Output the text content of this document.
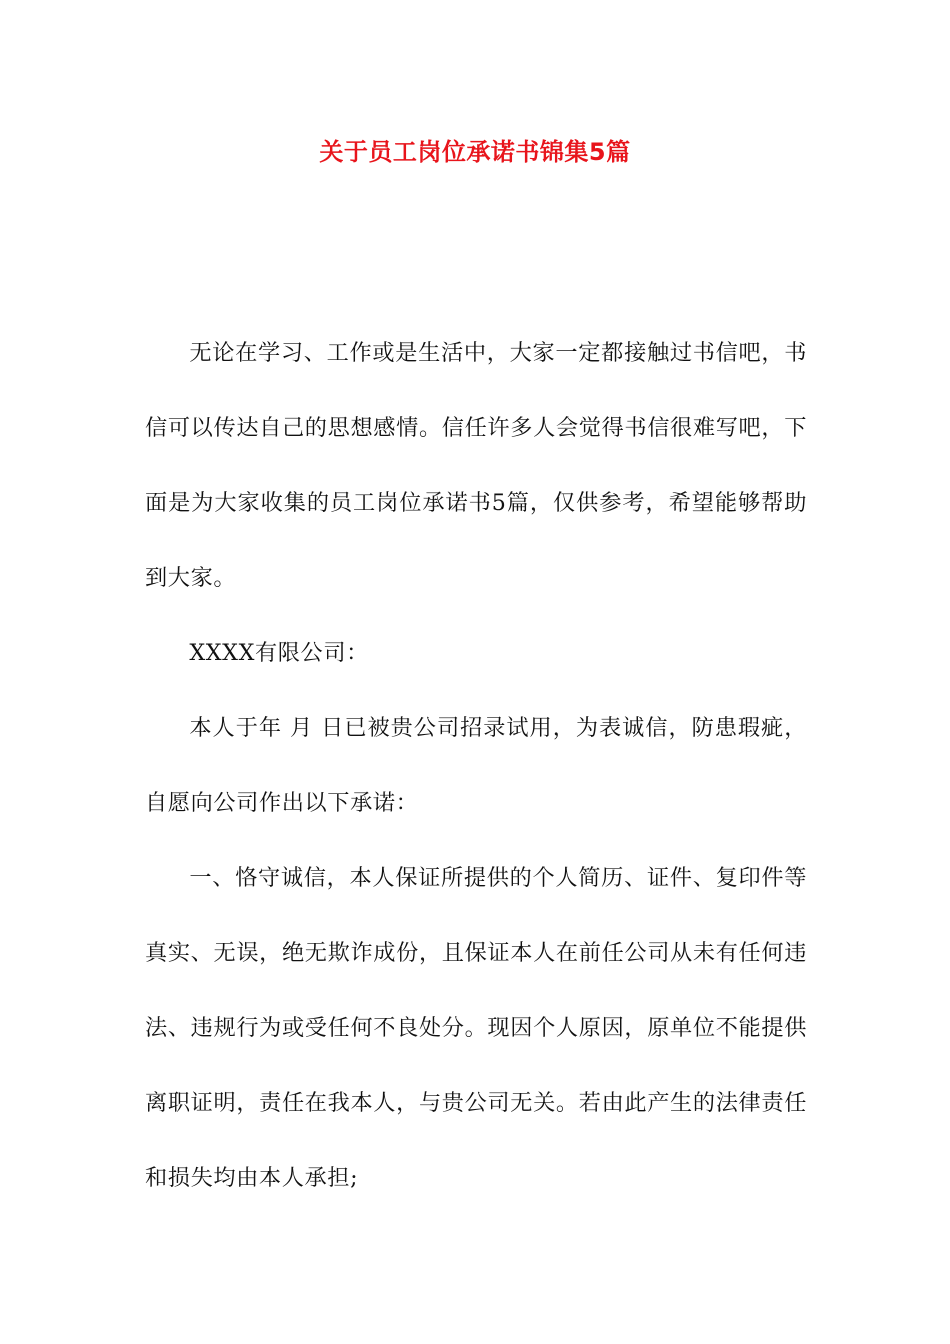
关于员工岗位承诺书锦集5篇

无论在学习、工作或是生活中，大家一定都接触过书信吧，书信可以传达自己的思想感情。信任许多人会觉得书信很难写吧，下面是为大家收集的员工岗位承诺书5篇，仅供参考，希望能够帮助到大家。

XXXX有限公司：

本人于年 月 日已被贵公司招录试用，为表诚信，防患瑕疵，自愿向公司作出以下承诺：

一、恪守诚信，本人保证所提供的个人简历、证件、复印件等真实、无误，绝无欺诈成份，且保证本人在前任公司从未有任何违法、违规行为或受任何不良处分。现因个人原因，原单位不能提供离职证明，责任在我本人，与贵公司无关。若由此产生的法律责任和损失均由本人承担;
